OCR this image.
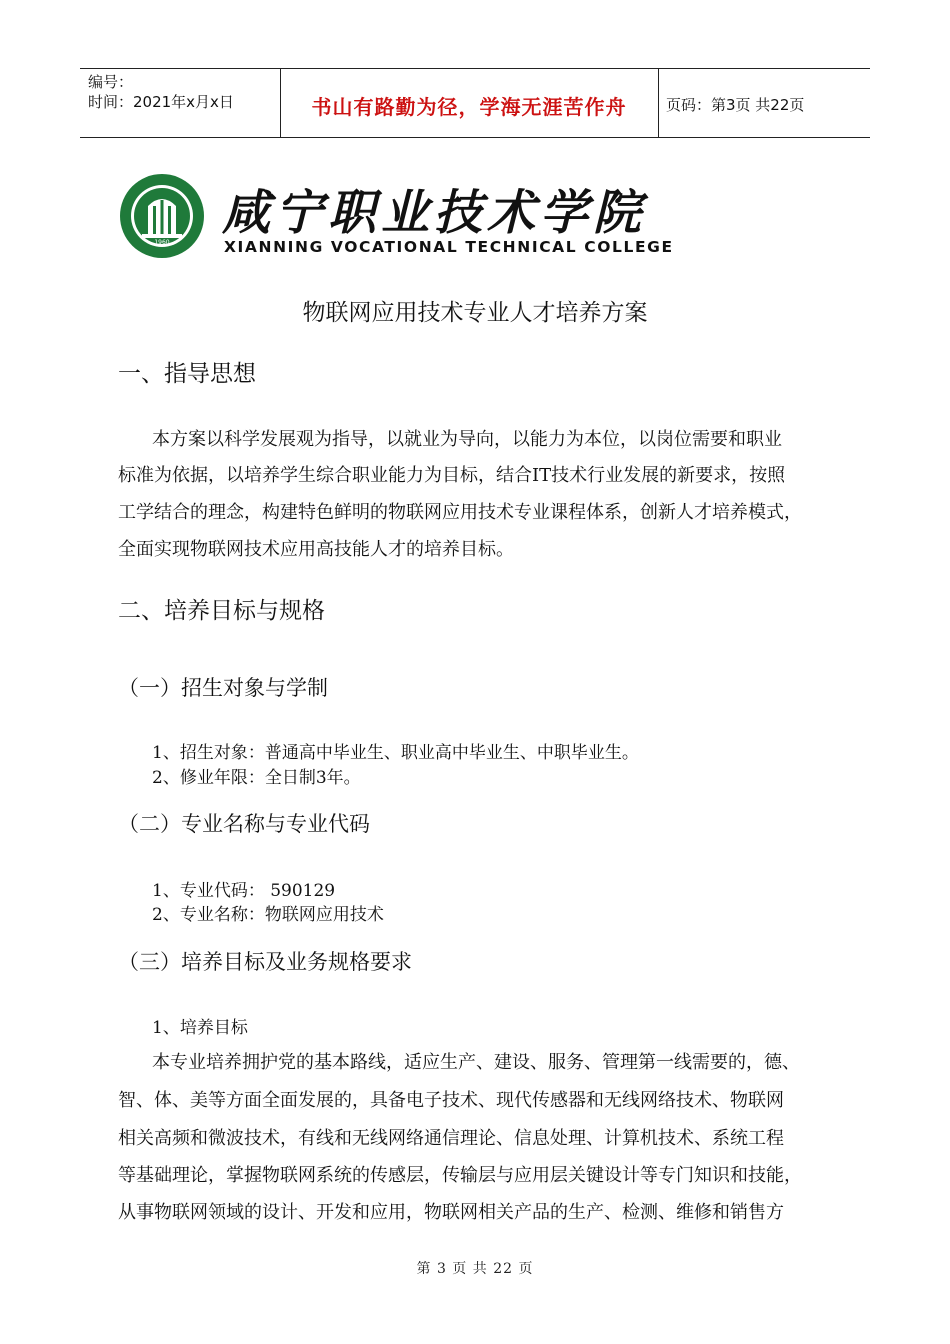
编号：
时间：2021年x月x日	书山有路勤为径，学海无涯苦作舟	页码：第3页 共22页
1960
咸宁职业技术学院
XIANNING VOCATIONAL TECHNICAL COLLEGE
物联网应用技术专业人才培养方案
一、指导思想
本方案以科学发展观为指导，以就业为导向，以能力为本位，以岗位需要和职业
标准为依据，以培养学生综合职业能力为目标，结合IT技术行业发展的新要求，按照
工学结合的理念，构建特色鲜明的物联网应用技术专业课程体系，创新人才培养模式，
全面实现物联网技术应用高技能人才的培养目标。
二、培养目标与规格
（一）招生对象与学制
1、招生对象：普通高中毕业生、职业高中毕业生、中职毕业生。
2、修业年限：全日制3年。
（二）专业名称与专业代码
1、专业代码： 590129
2、专业名称：物联网应用技术
（三）培养目标及业务规格要求
1、培养目标
本专业培养拥护党的基本路线，适应生产、建设、服务、管理第一线需要的，德、
智、体、美等方面全面发展的，具备电子技术、现代传感器和无线网络技术、物联网
相关高频和微波技术，有线和无线网络通信理论、信息处理、计算机技术、系统工程
等基础理论，掌握物联网系统的传感层，传输层与应用层关键设计等专门知识和技能，
从事物联网领域的设计、开发和应用，物联网相关产品的生产、检测、维修和销售方
第 3 页 共 22 页
